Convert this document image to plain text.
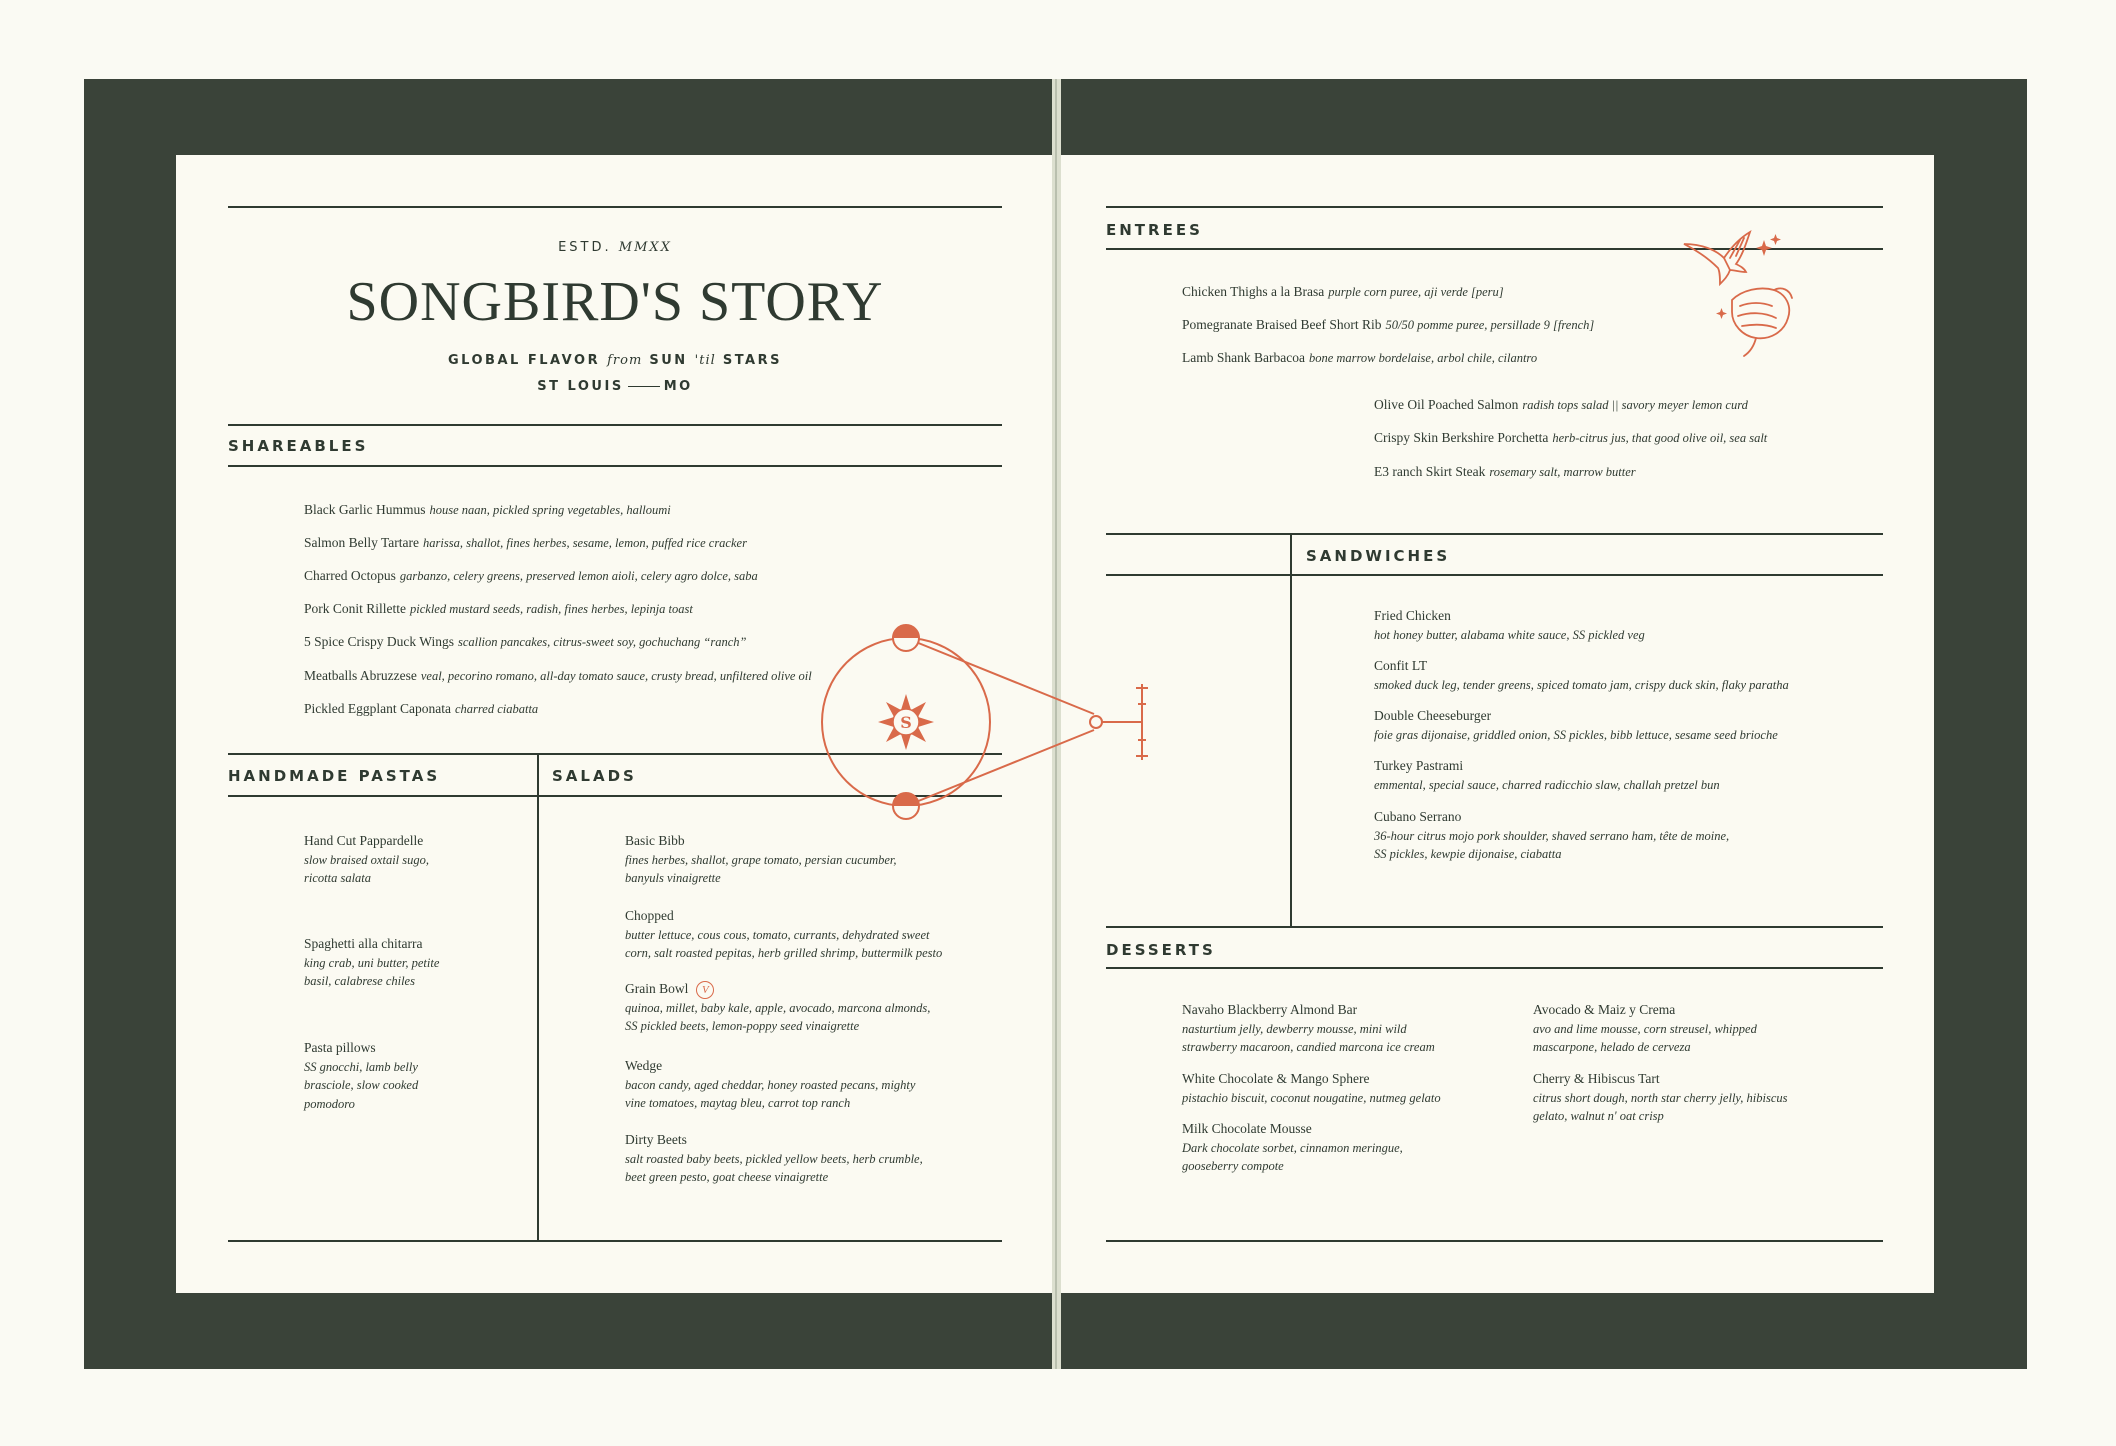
ESTD. MMXX
SONGBIRD'S STORY
GLOBAL FLAVOR from SUN 'til STARS
ST LOUIS	MO
SHAREABLES
Black Garlic Hummus house naan, pickled spring vegetables, halloumi
Salmon Belly Tartare harissa, shallot, fines herbes, sesame, lemon, puffed rice cracker
Charred Octopus garbanzo, celery greens, preserved lemon aioli, celery agro dolce, saba
Pork Conit Rillette pickled mustard seeds, radish, fines herbes, lepinja toast
5 Spice Crispy Duck Wings scallion pancakes, citrus-sweet soy, gochuchang “ranch”
Meatballs Abruzzese veal, pecorino romano, all-day tomato sauce, crusty bread, unfiltered olive oil
Pickled Eggplant Caponata charred ciabatta
HANDMADE PASTAS	SALADS
Hand Cut Pappardelle
slow braised oxtail sugo,
ricotta salata
Spaghetti alla chitarra
king crab, uni butter, petite
basil, calabrese chiles
Pasta pillows
SS gnocchi, lamb belly
brasciole, slow cooked
pomodoro
Basic Bibb
fines herbes, shallot, grape tomato, persian cucumber,
banyuls vinaigrette
Chopped
butter lettuce, cous cous, tomato, currants, dehydrated sweet
corn, salt roasted pepitas, herb grilled shrimp, buttermilk pesto
Grain Bowl V
quinoa, millet, baby kale, apple, avocado, marcona almonds,
SS pickled beets, lemon-poppy seed vinaigrette
Wedge
bacon candy, aged cheddar, honey roasted pecans, mighty
vine tomatoes, maytag bleu, carrot top ranch
Dirty Beets
salt roasted baby beets, pickled yellow beets, herb crumble,
beet green pesto, goat cheese vinaigrette
S
ENTREES
Chicken Thighs a la Brasa purple corn puree, aji verde [peru]
Pomegranate Braised Beef Short Rib 50/50 pomme puree, persillade 9 [french]
Lamb Shank Barbacoa bone marrow bordelaise, arbol chile, cilantro
Olive Oil Poached Salmon radish tops salad || savory meyer lemon curd
Crispy Skin Berkshire Porchetta herb-citrus jus, that good olive oil, sea salt
E3 ranch Skirt Steak rosemary salt, marrow butter
SANDWICHES
Fried Chicken
hot honey butter, alabama white sauce, SS pickled veg
Confit LT
smoked duck leg, tender greens, spiced tomato jam, crispy duck skin, flaky paratha
Double Cheeseburger
foie gras dijonaise, griddled onion, SS pickles, bibb lettuce, sesame seed brioche
Turkey Pastrami
emmental, special sauce, charred radicchio slaw, challah pretzel bun
Cubano Serrano
36-hour citrus mojo pork shoulder, shaved serrano ham, tête de moine,
SS pickles, kewpie dijonaise, ciabatta
DESSERTS
Navaho Blackberry Almond Bar
nasturtium jelly, dewberry mousse, mini wild
strawberry macaroon, candied marcona ice cream
White Chocolate & Mango Sphere
pistachio biscuit, coconut nougatine, nutmeg gelato
Milk Chocolate Mousse
Dark chocolate sorbet, cinnamon meringue,
gooseberry compote
Avocado & Maiz y Crema
avo and lime mousse, corn streusel, whipped
mascarpone, helado de cerveza
Cherry & Hibiscus Tart
citrus short dough, north star cherry jelly, hibiscus
gelato, walnut n' oat crisp
